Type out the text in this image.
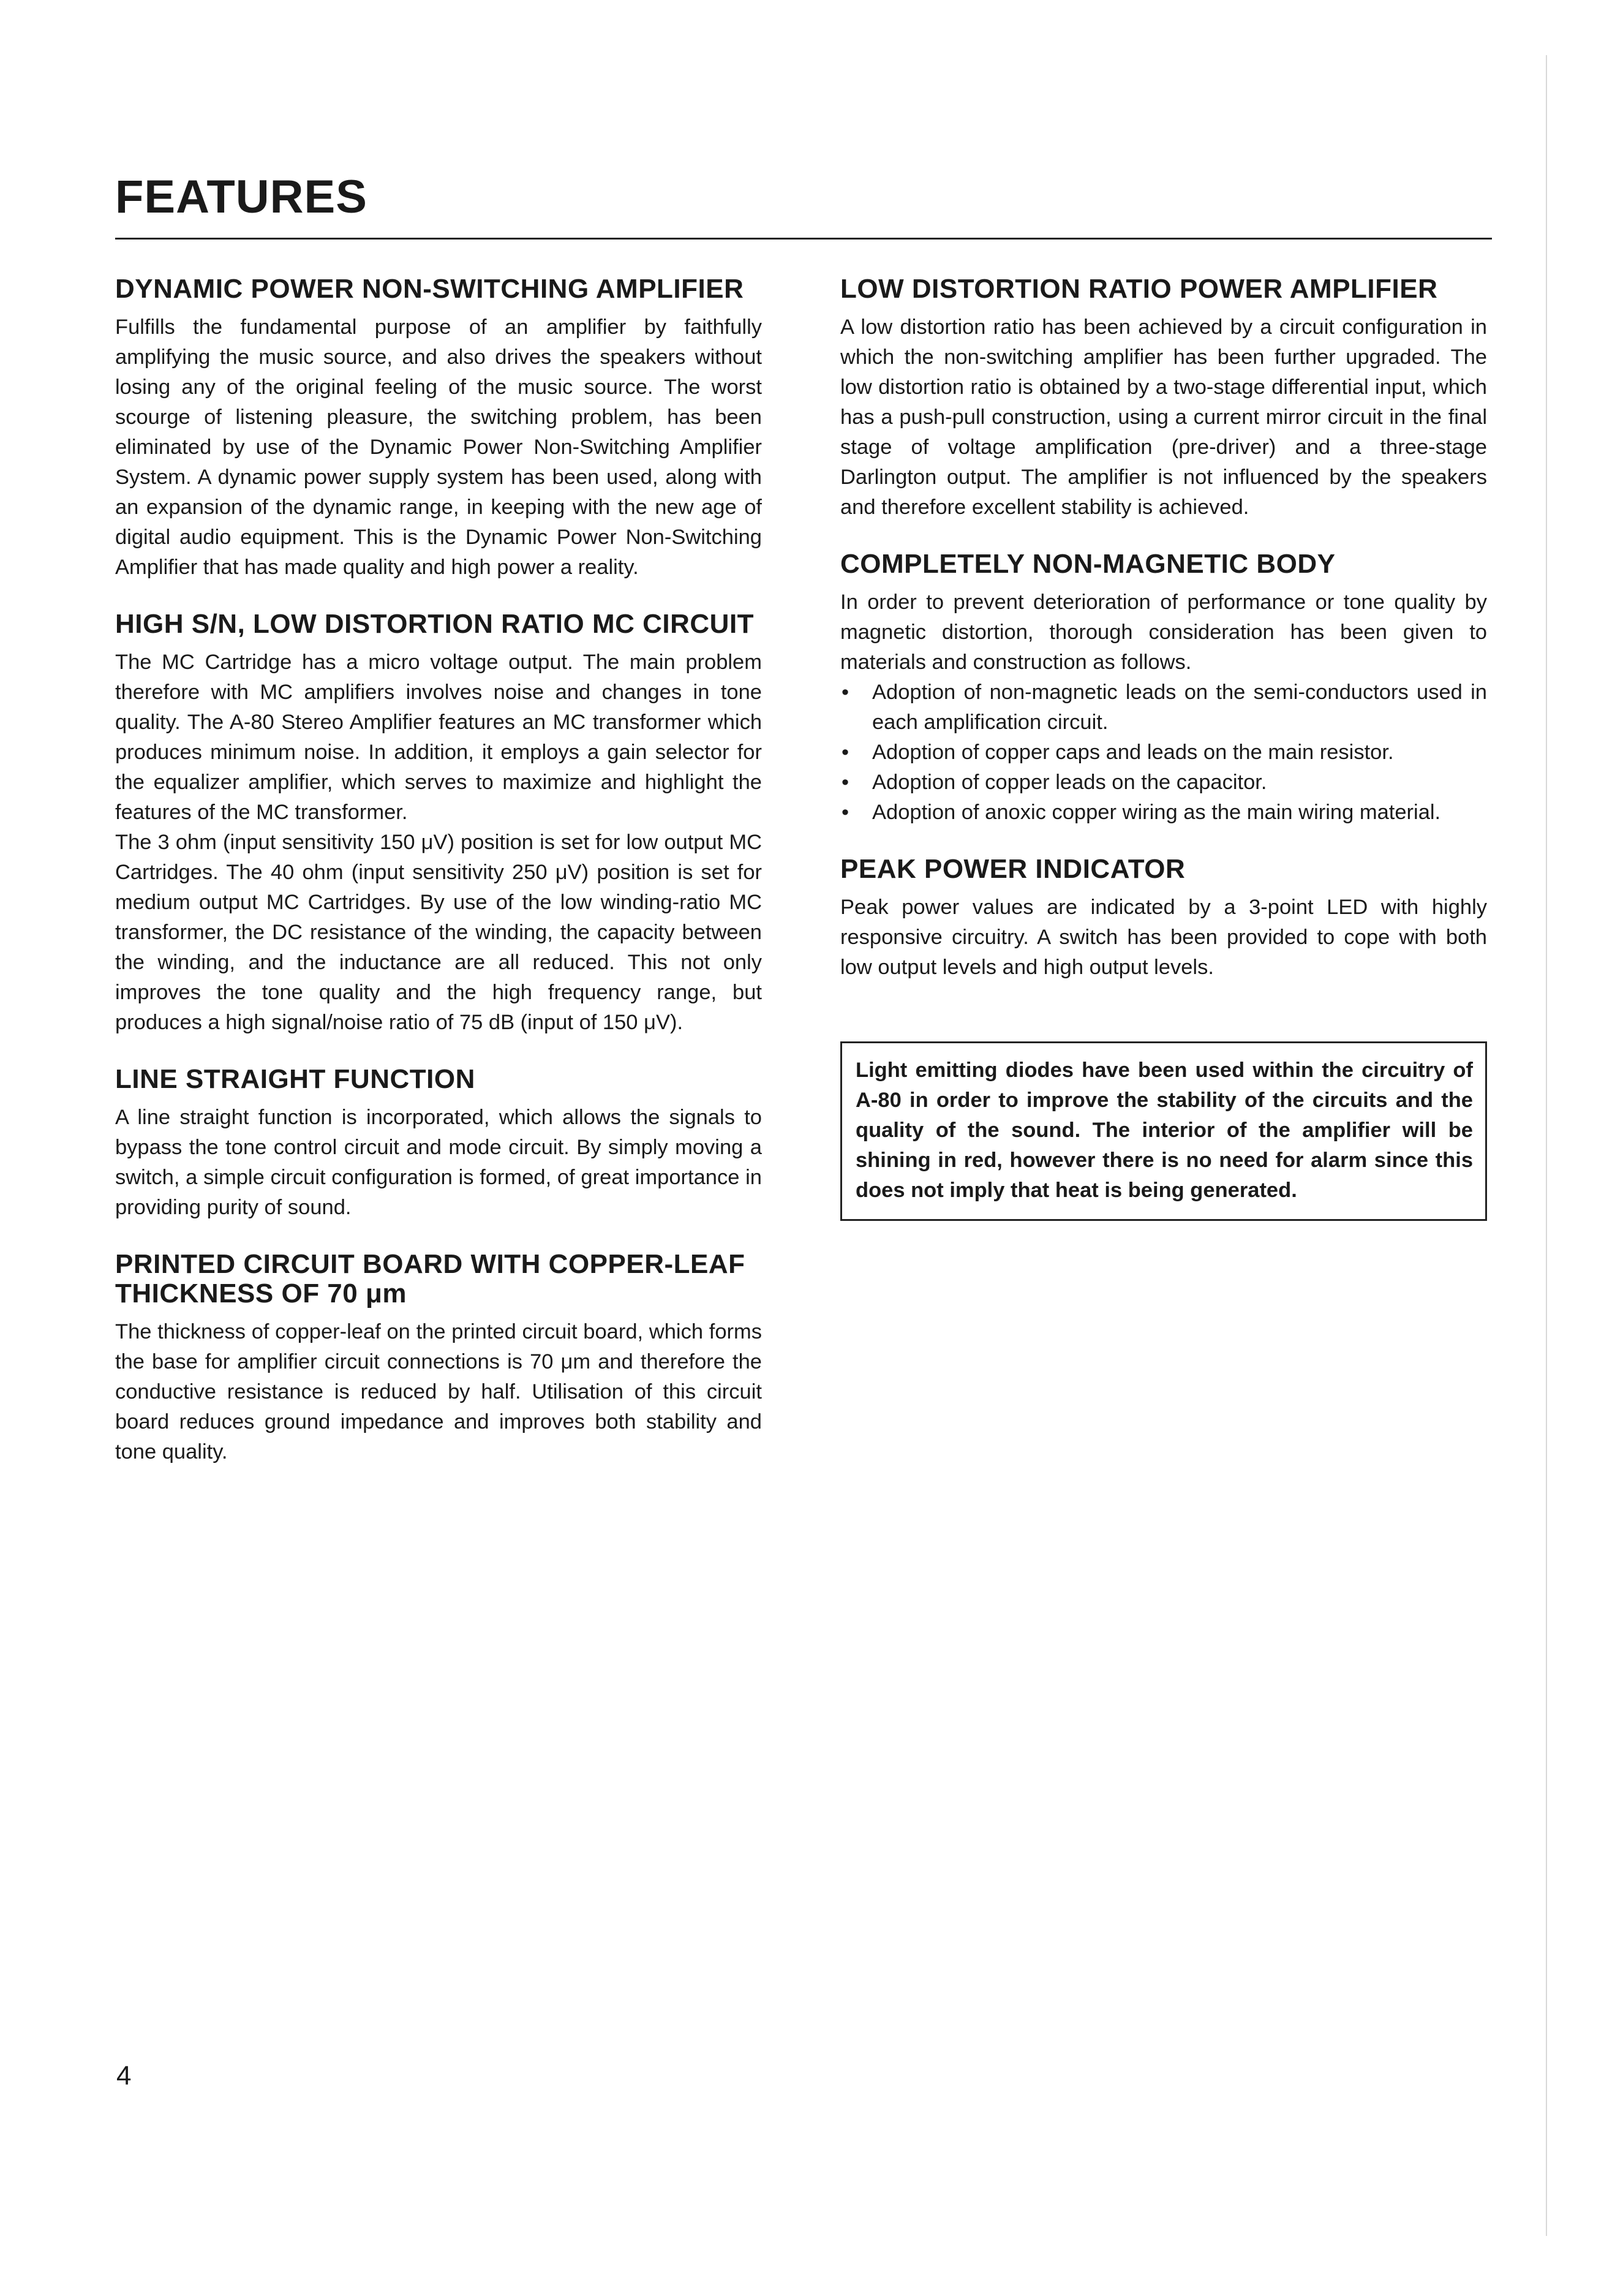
FEATURES
DYNAMIC POWER NON-SWITCHING AMPLIFIER

Fulfills the fundamental purpose of an amplifier by faithfully amplifying the music source, and also drives the speakers without losing any of the original feeling of the music source. The worst scourge of listening pleasure, the switching problem, has been eliminated by use of the Dynamic Power Non-Switching Amplifier System. A dynamic power supply system has been used, along with an expansion of the dynamic range, in keeping with the new age of digital audio equipment. This is the Dynamic Power Non-Switching Amplifier that has made quality and high power a reality.

HIGH S/N, LOW DISTORTION RATIO MC CIRCUIT

The MC Cartridge has a micro voltage output. The main problem therefore with MC amplifiers involves noise and changes in tone quality. The A-80 Stereo Amplifier features an MC transformer which produces minimum noise. In addition, it employs a gain selector for the equalizer amplifier, which serves to maximize and highlight the features of the MC transformer.

The 3 ohm (input sensitivity 150 μV) position is set for low output MC Cartridges. The 40 ohm (input sensitivity 250 μV) position is set for medium output MC Cartridges. By use of the low winding-ratio MC transformer, the DC resistance of the winding, the capacity between the winding, and the inductance are all reduced. This not only improves the tone quality and the high frequency range, but produces a high signal/noise ratio of 75 dB (input of 150 μV).

LINE STRAIGHT FUNCTION

A line straight function is incorporated, which allows the signals to bypass the tone control circuit and mode circuit. By simply moving a switch, a simple circuit configuration is formed, of great importance in providing purity of sound.

PRINTED CIRCUIT BOARD WITH COPPER-LEAF THICKNESS OF 70 μm

The thickness of copper-leaf on the printed circuit board, which forms the base for amplifier circuit connections is 70 μm and therefore the conductive resistance is reduced by half. Utilisation of this circuit board reduces ground impedance and improves both stability and tone quality.

LOW DISTORTION RATIO POWER AMPLIFIER

A low distortion ratio has been achieved by a circuit configuration in which the non-switching amplifier has been further upgraded. The low distortion ratio is obtained by a two-stage differential input, which has a push-pull construction, using a current mirror circuit in the final stage of voltage amplification (pre-driver) and a three-stage Darlington output. The amplifier is not influenced by the speakers and therefore excellent stability is achieved.

COMPLETELY NON-MAGNETIC BODY

In order to prevent deterioration of performance or tone quality by magnetic distortion, thorough consideration has been given to materials and construction as follows.

• Adoption of non-magnetic leads on the semi-conductors used in each amplification circuit.
• Adoption of copper caps and leads on the main resistor.
• Adoption of copper leads on the capacitor.
• Adoption of anoxic copper wiring as the main wiring material.
PEAK POWER INDICATOR

Peak power values are indicated by a 3-point LED with highly responsive circuitry. A switch has been provided to cope with both low output levels and high output levels.

Light emitting diodes have been used within the circuitry of A-80 in order to improve the stability of the circuits and the quality of the sound. The interior of the amplifier will be shining in red, however there is no need for alarm since this does not imply that heat is being generated.

4
